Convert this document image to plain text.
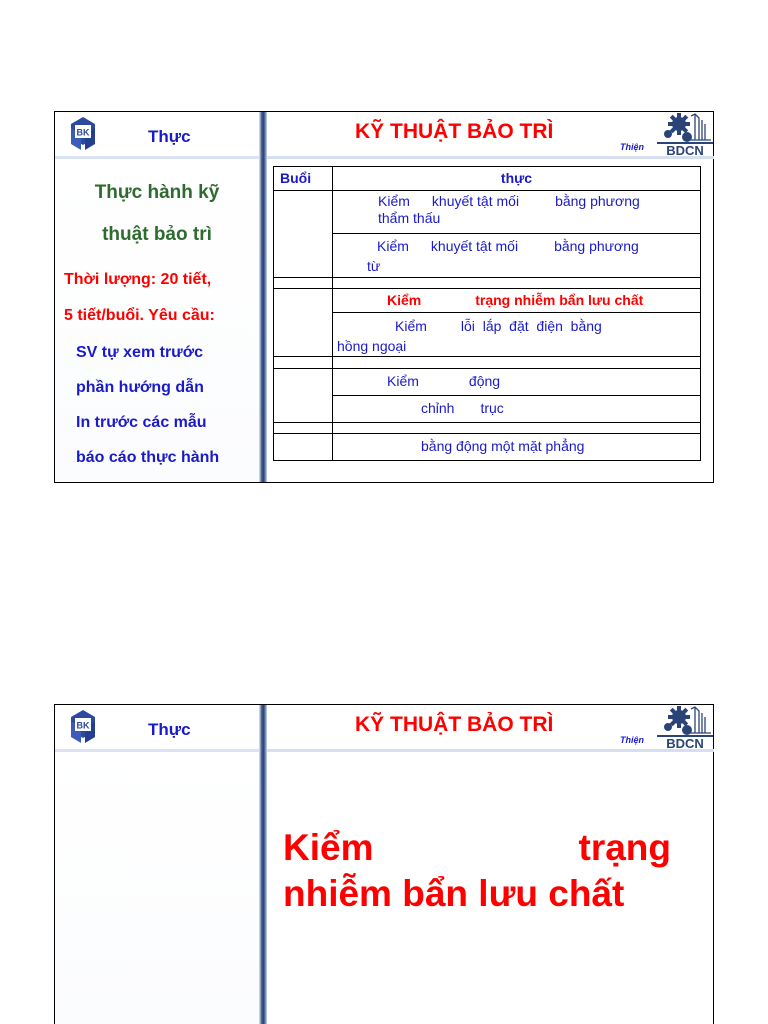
BK	Thực	KỸ THUẬT BẢO TRÌ
Thiện BDCN
Thực hành kỹ
thuật bảo trì
Thời lượng: 20 tiết,
5 tiết/buổi. Yêu cầu:
SV tự xem trước
phần hướng dẫn
In trước các mẫu
báo cáo thực hành
Buổi	thực
	Kiểm khuyết tật mối bằng phương
thẩm thấu
	Kiểm khuyết tật mối bằng phương
từ

	Kiểm trạng nhiễm bẩn lưu chất
	Kiểm lỗi lắp đặt điện bằng
hồng ngoại

	Kiểm động
	chỉnh trục

	bằng động một mặt phẳng
BK	Thực	KỸ THUẬT BẢO TRÌ
Thiện BDCN
Kiểm	trạng
nhiễm bẩn lưu chất
